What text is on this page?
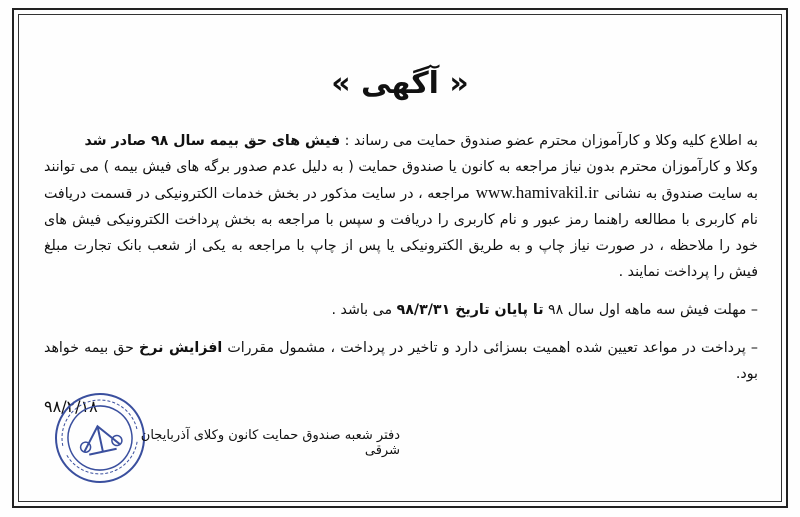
« آگهی »

به اطلاع کلیه وکلا و کارآموزان محترم عضو صندوق حمایت می رساند : فیش های حق بیمه سال ۹۸ صادر شد

وکلا و کارآموزان محترم بدون نیاز مراجعه به کانون یا صندوق حمایت ( به دلیل عدم صدور برگه های فیش بیمه ) می توانند به سایت صندوق به نشانیwww.hamivakil.irمراجعه ، در سایت مذکور در بخش خدمات الکترونیکی در قسمت دریافت نام کاربری با مطالعه راهنما رمز عبور و نام کاربری را دریافت و سپس با مراجعه به بخش پرداخت الکترونیکی فیش های خود را ملاحظه ، در صورت نیاز چاپ و به طریق الکترونیکی یا پس از چاپ با مراجعه به یکی از شعب بانک تجارت مبلغ فیش را پرداخت نمایند .

– مهلت فیش سه ماهه اول سال ۹۸ تا پایان تاریخ ۹۸/۳/۳۱ می باشد .

– پرداخت در مواعد تعیین شده اهمیت بسزائی دارد و تاخیر در پرداخت ، مشمول مقررات افزایش نرخ حق بیمه خواهد بود.

۹۸/۲/۱۸
دفتر شعبه صندوق حمایت کانون وکلای آذربایجان شرقی
